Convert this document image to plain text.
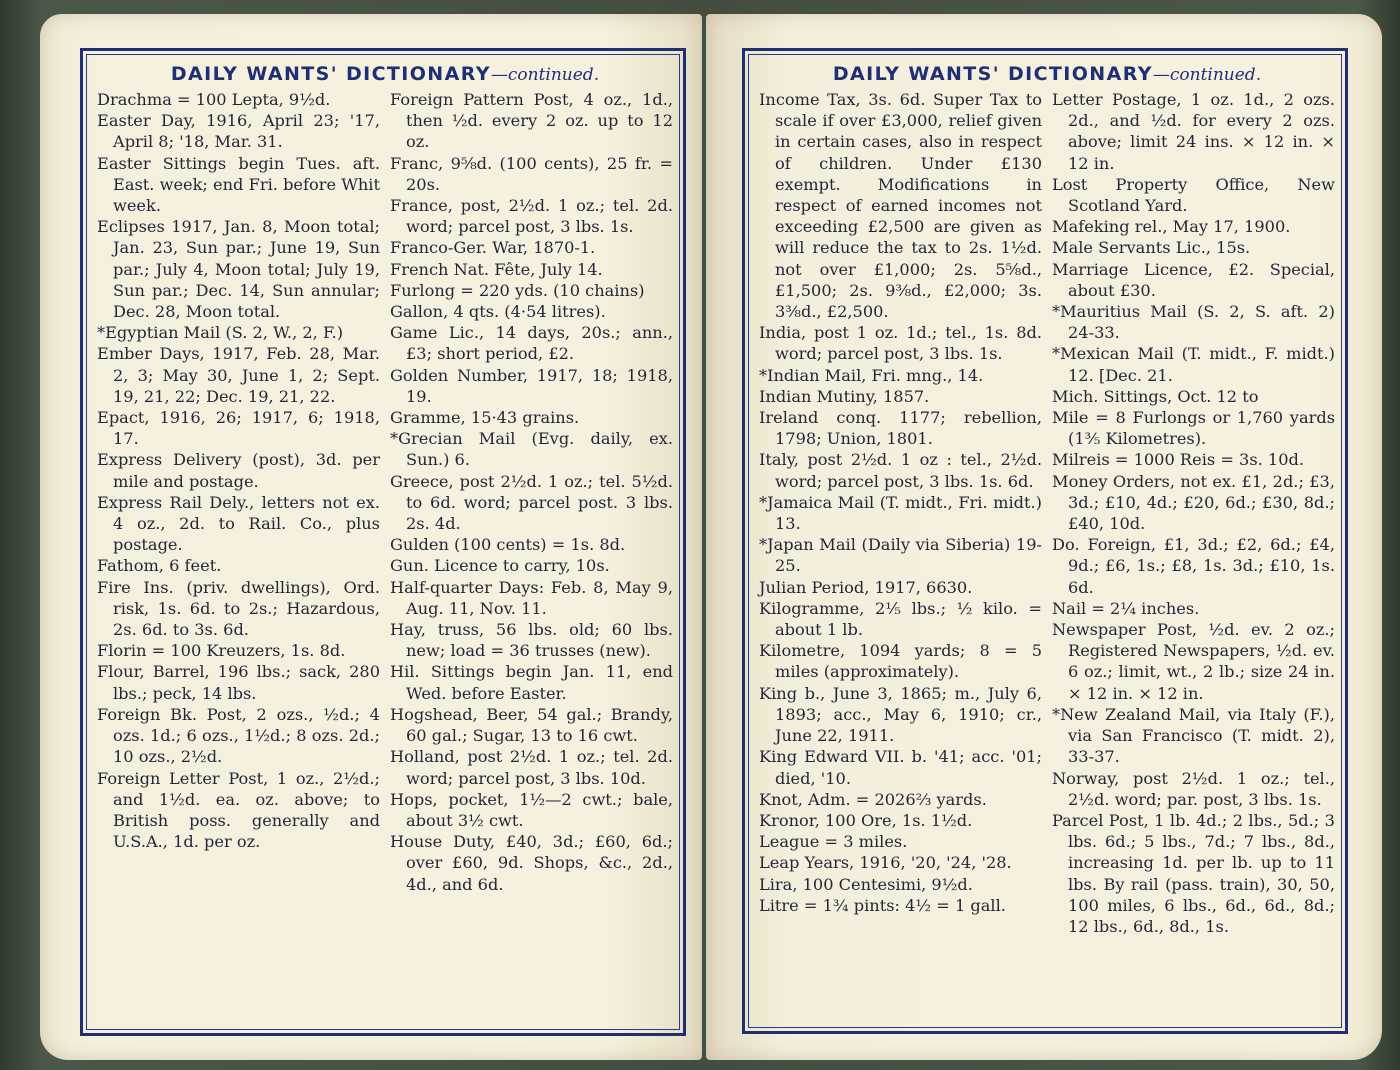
DAILY WANTS' DICTIONARY—continued.

Drachma = 100 Lepta, 9½d.

Easter Day, 1916, April 23; '17, April 8; '18, Mar. 31.

Easter Sittings begin Tues. aft. East. week; end Fri. before Whit week.

Eclipses 1917, Jan. 8, Moon total; Jan. 23, Sun par.; June 19, Sun par.; July 4, Moon total; July 19, Sun par.; Dec. 14, Sun annular; Dec. 28, Moon total.

*Egyptian Mail (S. 2, W., 2, F.)

Ember Days, 1917, Feb. 28, Mar. 2, 3; May 30, June 1, 2; Sept. 19, 21, 22; Dec. 19, 21, 22.

Epact, 1916, 26; 1917, 6; 1918, 17.

Express Delivery (post), 3d. per mile and postage.

Express Rail Dely., letters not ex. 4 oz., 2d. to Rail. Co., plus postage.

Fathom, 6 feet.

Fire Ins. (priv. dwellings), Ord. risk, 1s. 6d. to 2s.; Hazardous, 2s. 6d. to 3s. 6d.

Florin = 100 Kreuzers, 1s. 8d.

Flour, Barrel, 196 lbs.; sack, 280 lbs.; peck, 14 lbs.

Foreign Bk. Post, 2 ozs., ½d.; 4 ozs. 1d.; 6 ozs., 1½d.; 8 ozs. 2d.; 10 ozs., 2½d.

Foreign Letter Post, 1 oz., 2½d.; and 1½d. ea. oz. above; to British poss. generally and U.S.A., 1d. per oz.

Foreign Pattern Post, 4 oz., 1d., then ½d. every 2 oz. up to 12 oz.

Franc, 9⅝d. (100 cents), 25 fr. = 20s.

France, post, 2½d. 1 oz.; tel. 2d. word; parcel post, 3 lbs. 1s.

Franco-Ger. War, 1870-1.

French Nat. Fête, July 14.

Furlong = 220 yds. (10 chains)

Gallon, 4 qts. (4·54 litres).

Game Lic., 14 days, 20s.; ann., £3; short period, £2.

Golden Number, 1917, 18; 1918, 19.

Gramme, 15·43 grains.

*Grecian Mail (Evg. daily, ex. Sun.) 6.

Greece, post 2½d. 1 oz.; tel. 5½d. to 6d. word; parcel post. 3 lbs. 2s. 4d.

Gulden (100 cents) = 1s. 8d.

Gun. Licence to carry, 10s.

Half-quarter Days: Feb. 8, May 9, Aug. 11, Nov. 11.

Hay, truss, 56 lbs. old; 60 lbs. new; load = 36 trusses (new).

Hil. Sittings begin Jan. 11, end Wed. before Easter.

Hogshead, Beer, 54 gal.; Brandy, 60 gal.; Sugar, 13 to 16 cwt.

Holland, post 2½d. 1 oz.; tel. 2d. word; parcel post, 3 lbs. 10d.

Hops, pocket, 1½—2 cwt.; bale, about 3½ cwt.

House Duty, £40, 3d.; £60, 6d.; over £60, 9d. Shops, &c., 2d., 4d., and 6d.

DAILY WANTS' DICTIONARY—continued.

Income Tax, 3s. 6d. Super Tax to scale if over £3,000, relief given in certain cases, also in respect of children. Under £130 exempt. Modifications in respect of earned incomes not exceeding £2,500 are given as will reduce the tax to 2s. 1½d. not over £1,000; 2s. 5⅝d., £1,500; 2s. 9⅜d., £2,000; 3s. 3⅜d., £2,500.

India, post 1 oz. 1d.; tel., 1s. 8d. word; parcel post, 3 lbs. 1s.

*Indian Mail, Fri. mng., 14.

Indian Mutiny, 1857.

Ireland conq. 1177; rebellion, 1798; Union, 1801.

Italy, post 2½d. 1 oz : tel., 2½d. word; parcel post, 3 lbs. 1s. 6d.

*Jamaica Mail (T. midt., Fri. midt.) 13.

*Japan Mail (Daily via Siberia) 19-25.

Julian Period, 1917, 6630.

Kilogramme, 2⅕ lbs.; ½ kilo. = about 1 lb.

Kilometre, 1094 yards; 8 = 5 miles (approximately).

King b., June 3, 1865; m., July 6, 1893; acc., May 6, 1910; cr., June 22, 1911.

King Edward VII. b. '41; acc. '01; died, '10.

Knot, Adm. = 2026⅔ yards.

Kronor, 100 Ore, 1s. 1½d.

League = 3 miles.

Leap Years, 1916, '20, '24, '28.

Lira, 100 Centesimi, 9½d.

Litre = 1¾ pints: 4½ = 1 gall.

Letter Postage, 1 oz. 1d., 2 ozs. 2d., and ½d. for every 2 ozs. above; limit 24 ins. × 12 in. × 12 in.

Lost Property Office, New Scotland Yard.

Mafeking rel., May 17, 1900.

Male Servants Lic., 15s.

Marriage Licence, £2. Special, about £30.

*Mauritius Mail (S. 2, S. aft. 2) 24-33.

*Mexican Mail (T. midt., F. midt.) 12. [Dec. 21.

Mich. Sittings, Oct. 12 to

Mile = 8 Furlongs or 1,760 yards (1⅗ Kilometres).

Milreis = 1000 Reis = 3s. 10d.

Money Orders, not ex. £1, 2d.; £3, 3d.; £10, 4d.; £20, 6d.; £30, 8d.; £40, 10d.

Do. Foreign, £1, 3d.; £2, 6d.; £4, 9d.; £6, 1s.; £8, 1s. 3d.; £10, 1s. 6d.

Nail = 2¼ inches.

Newspaper Post, ½d. ev. 2 oz.; Registered Newspapers, ½d. ev. 6 oz.; limit, wt., 2 lb.; size 24 in. × 12 in. × 12 in.

*New Zealand Mail, via Italy (F.), via San Francisco (T. midt. 2), 33-37.

Norway, post 2½d. 1 oz.; tel., 2½d. word; par. post, 3 lbs. 1s.

Parcel Post, 1 lb. 4d.; 2 lbs., 5d.; 3 lbs. 6d.; 5 lbs., 7d.; 7 lbs., 8d., increasing 1d. per lb. up to 11 lbs. By rail (pass. train), 30, 50, 100 miles, 6 lbs., 6d., 6d., 8d.; 12 lbs., 6d., 8d., 1s.
